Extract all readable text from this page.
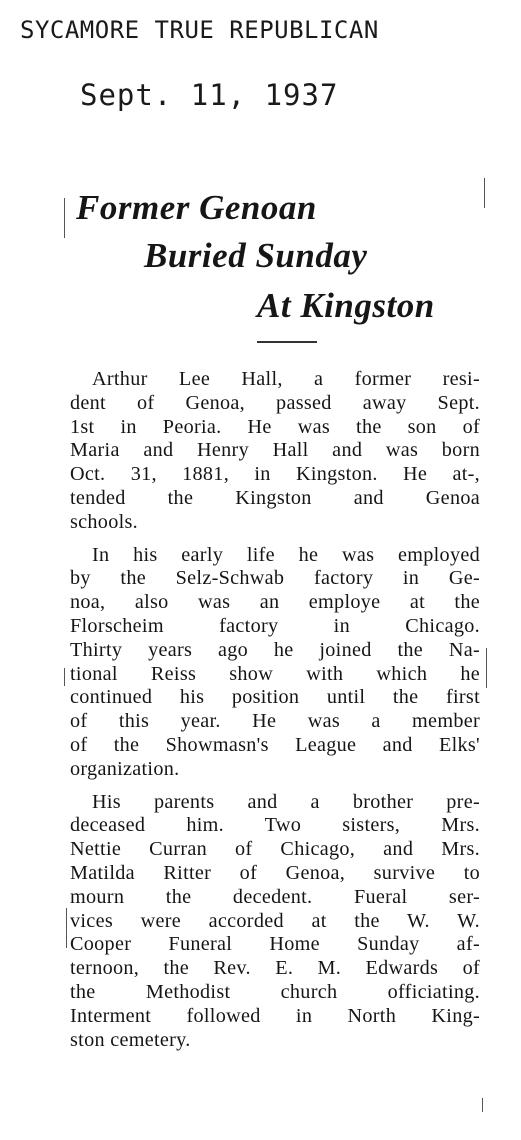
SYCAMORE TRUE REPUBLICAN
Sept. 11, 1937
Former Genoan
Buried Sunday
At Kingston
Arthur Lee Hall, a former resi-
dent of Genoa, passed away Sept.
1st in Peoria. He was the son of
Maria and Henry Hall and was born
Oct. 31, 1881, in Kingston. He at-,
tended the Kingston and Genoa
schools.
In his early life he was employed
by the Selz-Schwab factory in Ge-
noa, also was an employe at the
Florscheim factory in Chicago.
Thirty years ago he joined the Na-
tional Reiss show with which he
continued his position until the first
of this year. He was a member
of the Showmasn's League and Elks'
organization.
His parents and a brother pre-
deceased him. Two sisters, Mrs.
Nettie Curran of Chicago, and Mrs.
Matilda Ritter of Genoa, survive to
mourn the decedent. Fueral ser-
vices were accorded at the W. W.
Cooper Funeral Home Sunday af-
ternoon, the Rev. E. M. Edwards of
the Methodist church officiating.
Interment followed in North King-
ston cemetery.
